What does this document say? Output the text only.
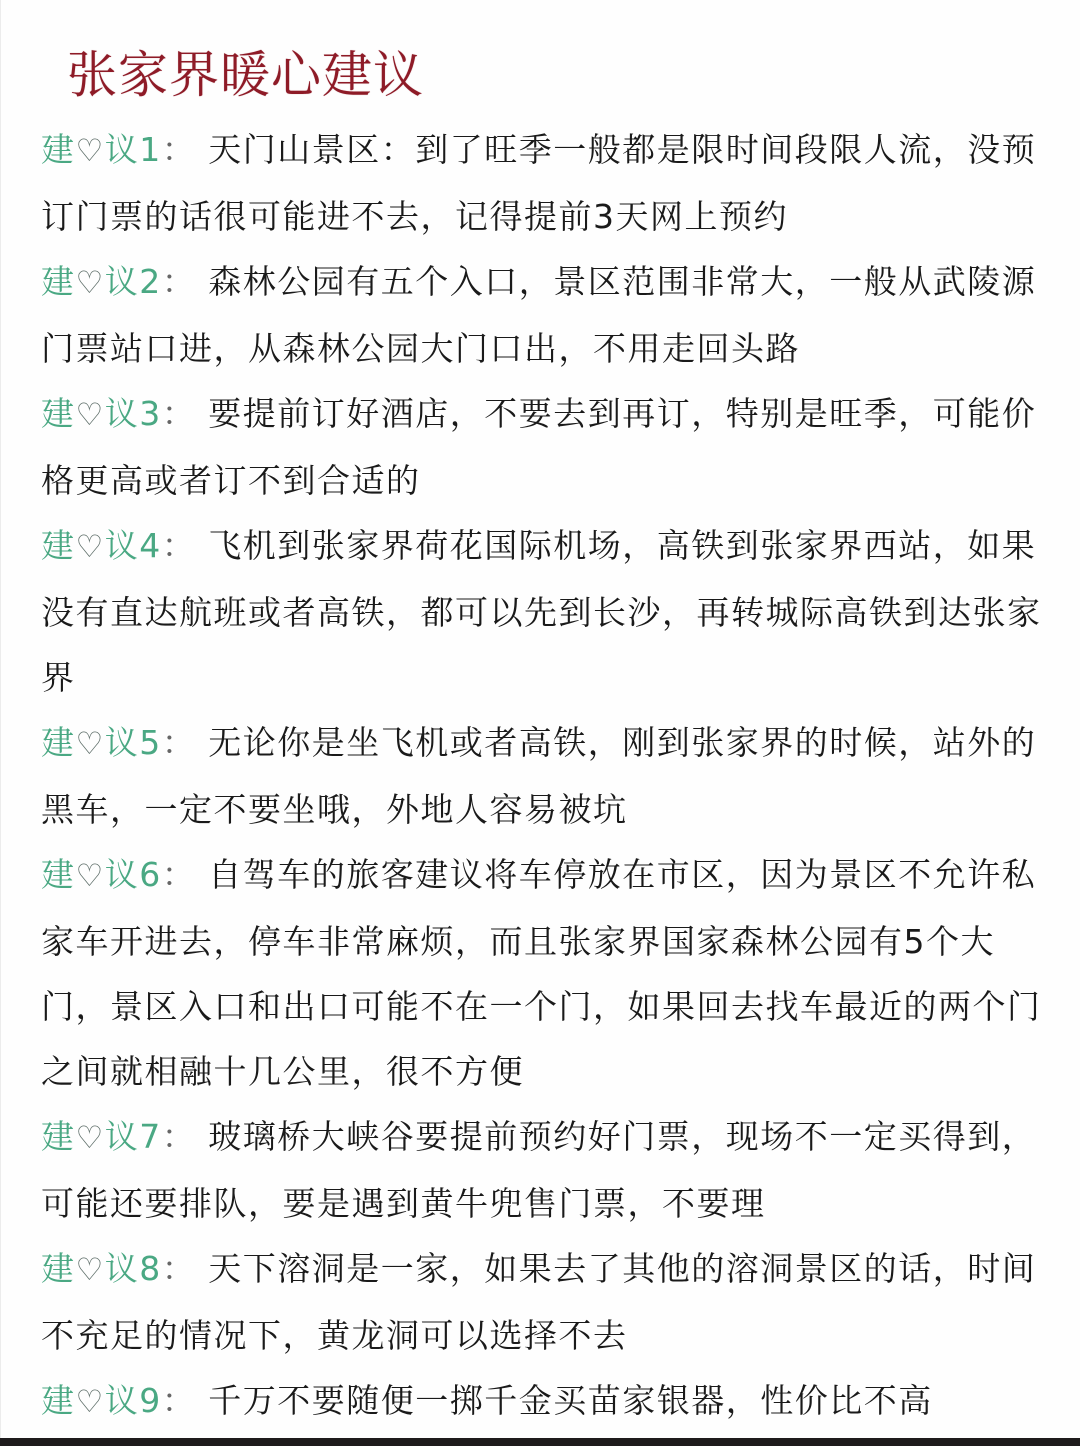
张家界暖心建议
建♡议1： 天门山景区：到了旺季一般都是限时间段限人流，没预订门票的话很可能进不去，记得提前3天网上预约
建♡议2： 森林公园有五个入口，景区范围非常大，一般从武陵源门票站口进，从森林公园大门口出，不用走回头路
建♡议3： 要提前订好酒店，不要去到再订，特别是旺季，可能价格更高或者订不到合适的
建♡议4： 飞机到张家界荷花国际机场，高铁到张家界西站，如果没有直达航班或者高铁，都可以先到长沙，再转城际高铁到达张家界
建♡议5： 无论你是坐飞机或者高铁，刚到张家界的时候，站外的黑车，一定不要坐哦，外地人容易被坑
建♡议6： 自驾车的旅客建议将车停放在市区，因为景区不允许私家车开进去，停车非常麻烦，而且张家界国家森林公园有5个大门，景区入口和出口可能不在一个门，如果回去找车最近的两个门之间就相融十几公里，很不方便
建♡议7： 玻璃桥大峡谷要提前预约好门票，现场不一定买得到，可能还要排队，要是遇到黄牛兜售门票，不要理
建♡议8： 天下溶洞是一家，如果去了其他的溶洞景区的话，时间不充足的情况下，黄龙洞可以选择不去
建♡议9： 千万不要随便一掷千金买苗家银器，性价比不高
